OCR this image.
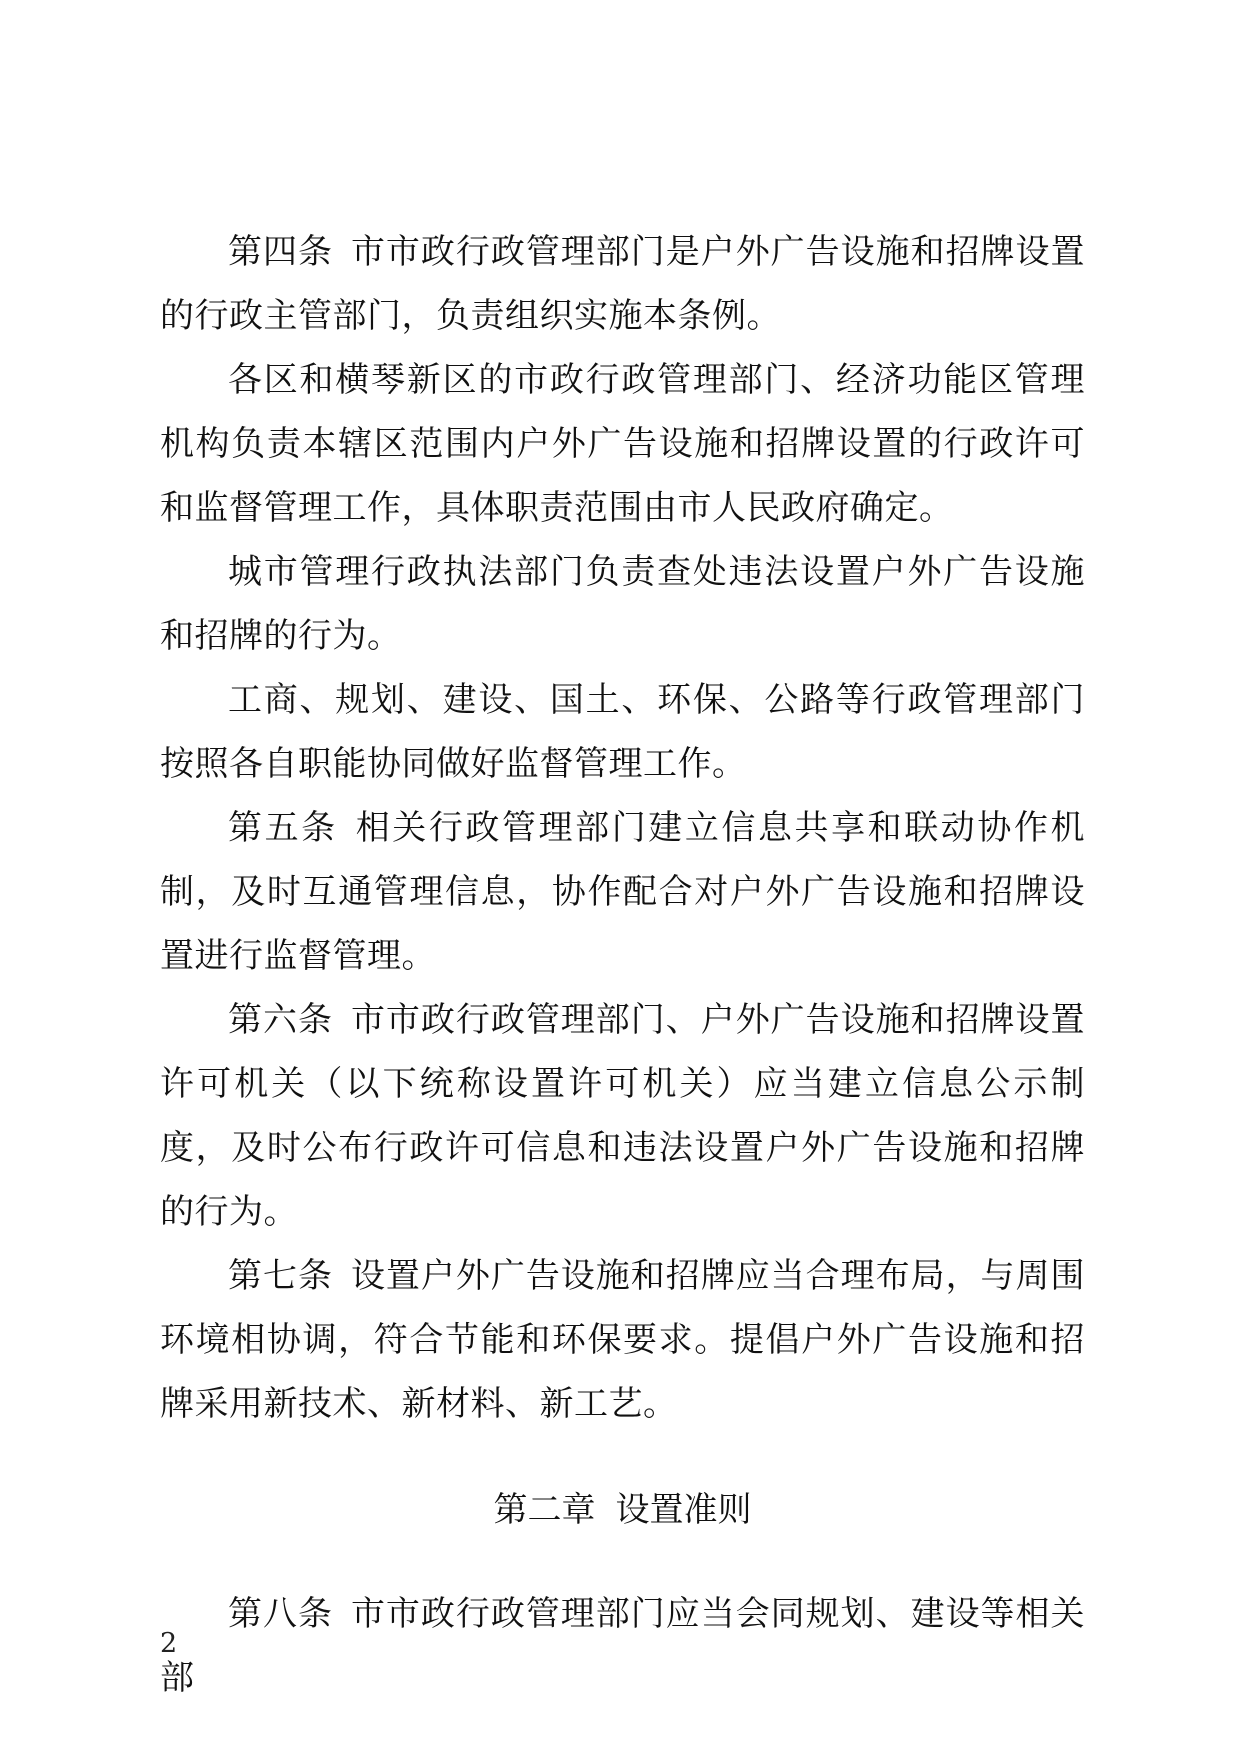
第四条 市市政行政管理部门是户外广告设施和招牌设置的行政主管部门，负责组织实施本条例。

各区和横琴新区的市政行政管理部门、经济功能区管理机构负责本辖区范围内户外广告设施和招牌设置的行政许可和监督管理工作，具体职责范围由市人民政府确定。

城市管理行政执法部门负责查处违法设置户外广告设施和招牌的行为。

工商、规划、建设、国土、环保、公路等行政管理部门按照各自职能协同做好监督管理工作。

第五条 相关行政管理部门建立信息共享和联动协作机制，及时互通管理信息，协作配合对户外广告设施和招牌设置进行监督管理。

第六条 市市政行政管理部门、户外广告设施和招牌设置许可机关（以下统称设置许可机关）应当建立信息公示制度，及时公布行政许可信息和违法设置户外广告设施和招牌的行为。

第七条 设置户外广告设施和招牌应当合理布局，与周围环境相协调，符合节能和环保要求。提倡户外广告设施和招牌采用新技术、新材料、新工艺。

第二章 设置准则

第八条 市市政行政管理部门应当会同规划、建设等相关部

2
